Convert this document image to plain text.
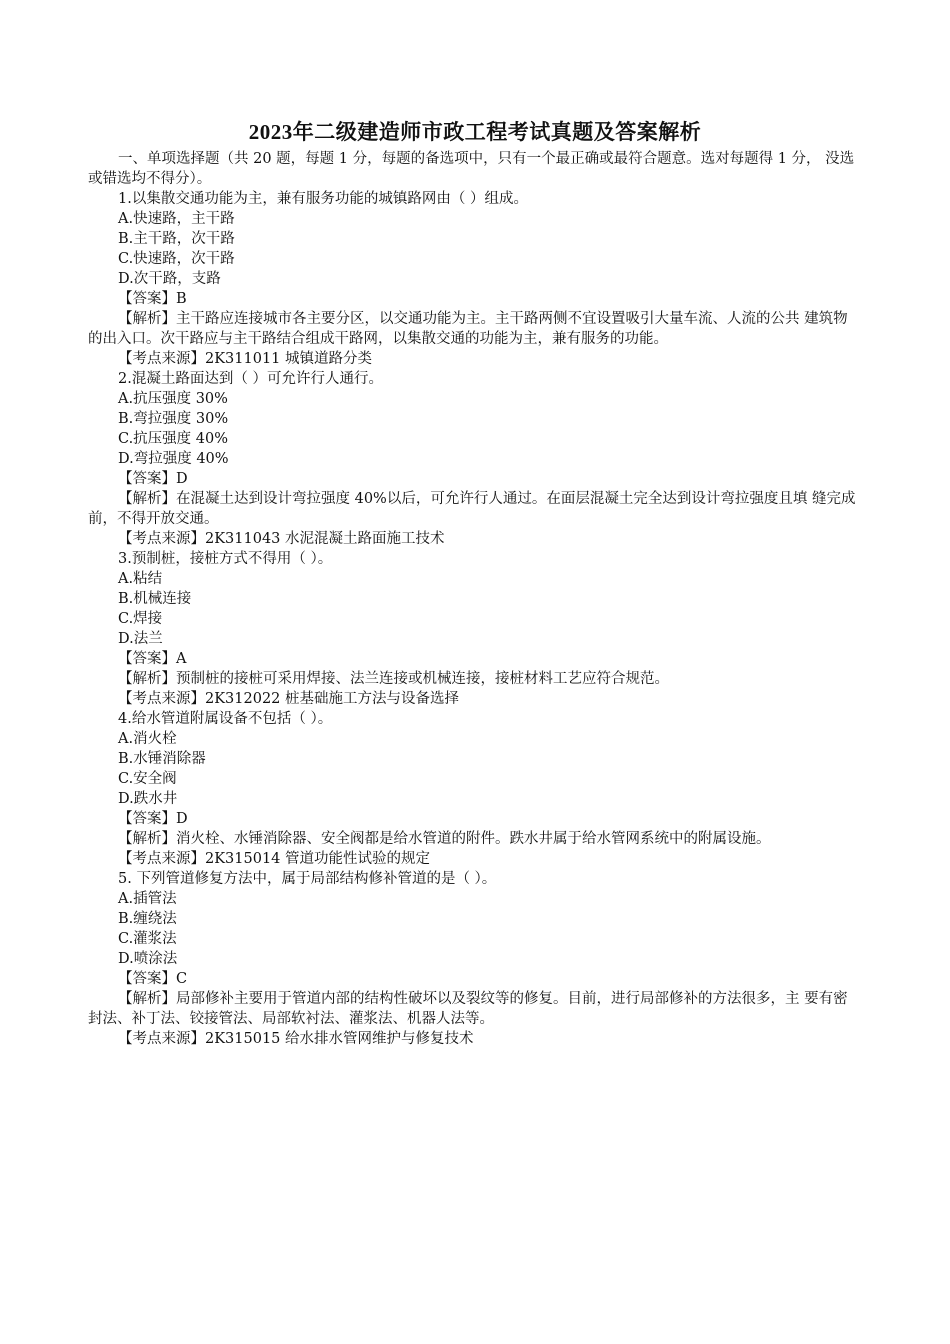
2023年二级建造师市政工程考试真题及答案解析

一、单项选择题（共 20 题，每题 1 分，每题的备选项中，只有一个最正确或最符合题意。选对每题得 1 分， 没选或错选均不得分）。

1.以集散交通功能为主，兼有服务功能的城镇路网由（ ）组成。

A.快速路，主干路

B.主干路，次干路

C.快速路，次干路

D.次干路，支路

【答案】B

【解析】主干路应连接城市各主要分区，以交通功能为主。主干路两侧不宜设置吸引大量车流、人流的公共 建筑物的出入口。次干路应与主干路结合组成干路网，以集散交通的功能为主，兼有服务的功能。

【考点来源】2K311011 城镇道路分类

2.混凝土路面达到（ ）可允许行人通行。

A.抗压强度 30%

B.弯拉强度 30%

C.抗压强度 40%

D.弯拉强度 40%

【答案】D

【解析】在混凝土达到设计弯拉强度 40%以后，可允许行人通过。在面层混凝土完全达到设计弯拉强度且填 缝完成前，不得开放交通。

【考点来源】2K311043 水泥混凝土路面施工技术

3.预制桩，接桩方式不得用（ ）。

A.粘结

B.机械连接

C.焊接

D.法兰

【答案】A

【解析】预制桩的接桩可采用焊接、法兰连接或机械连接，接桩材料工艺应符合规范。

【考点来源】2K312022 桩基础施工方法与设备选择

4.给水管道附属设备不包括（ ）。

A.消火栓

B.水锤消除器

C.安全阀

D.跌水井

【答案】D

【解析】消火栓、水锤消除器、安全阀都是给水管道的附件。跌水井属于给水管网系统中的附属设施。

【考点来源】2K315014 管道功能性试验的规定

5. 下列管道修复方法中，属于局部结构修补管道的是（ ）。

A.插管法

B.缠绕法

C.灌浆法

D.喷涂法

【答案】C

【解析】局部修补主要用于管道内部的结构性破坏以及裂纹等的修复。目前，进行局部修补的方法很多，主 要有密封法、补丁法、铰接管法、局部软衬法、灌浆法、机器人法等。

【考点来源】2K315015 给水排水管网维护与修复技术
